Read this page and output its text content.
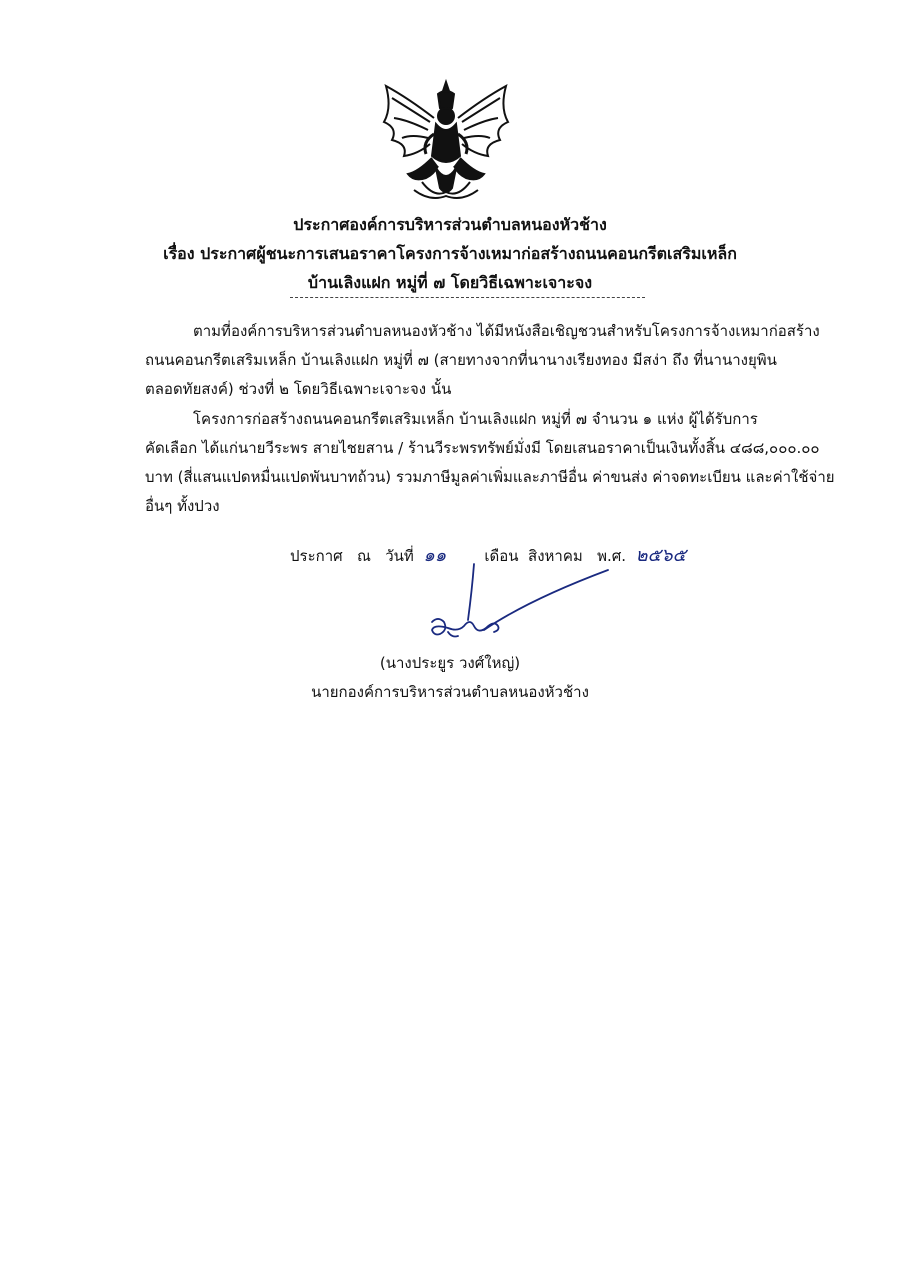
ประกาศองค์การบริหารส่วนตำบลหนองหัวช้าง
เรื่อง ประกาศผู้ชนะการเสนอราคาโครงการจ้างเหมาก่อสร้างถนนคอนกรีตเสริมเหล็ก
บ้านเลิงแฝก หมู่ที่ ๗ โดยวิธีเฉพาะเจาะจง
ตามที่องค์การบริหารส่วนตำบลหนองหัวช้าง ได้มีหนังสือเชิญชวนสำหรับโครงการจ้างเหมาก่อสร้าง
ถนนคอนกรีตเสริมเหล็ก บ้านเลิงแฝก หมู่ที่ ๗ (สายทางจากที่นานางเรียงทอง มีสง่า ถึง ที่นานางยุพิน
ตลอดทัยสงค์) ช่วงที่ ๒ โดยวิธีเฉพาะเจาะจง นั้น
โครงการก่อสร้างถนนคอนกรีตเสริมเหล็ก บ้านเลิงแฝก หมู่ที่ ๗ จำนวน ๑ แห่ง ผู้ได้รับการ
คัดเลือก ได้แก่นายวีระพร สายไชยสาน / ร้านวีระพรทรัพย์มั่งมี โดยเสนอราคาเป็นเงินทั้งสิ้น ๔๘๘,๐๐๐.๐๐
บาท (สี่แสนแปดหมื่นแปดพันบาทถ้วน) รวมภาษีมูลค่าเพิ่มและภาษีอื่น ค่าขนส่ง ค่าจดทะเบียน และค่าใช้จ่าย
อื่นๆ ทั้งปวง
ประกาศ ณ วันที่ ๑๑	เดือน สิงหาคม พ.ศ. ๒๕๖๕
(นางประยูร วงศ์ใหญ่)
นายกองค์การบริหารส่วนตำบลหนองหัวช้าง
